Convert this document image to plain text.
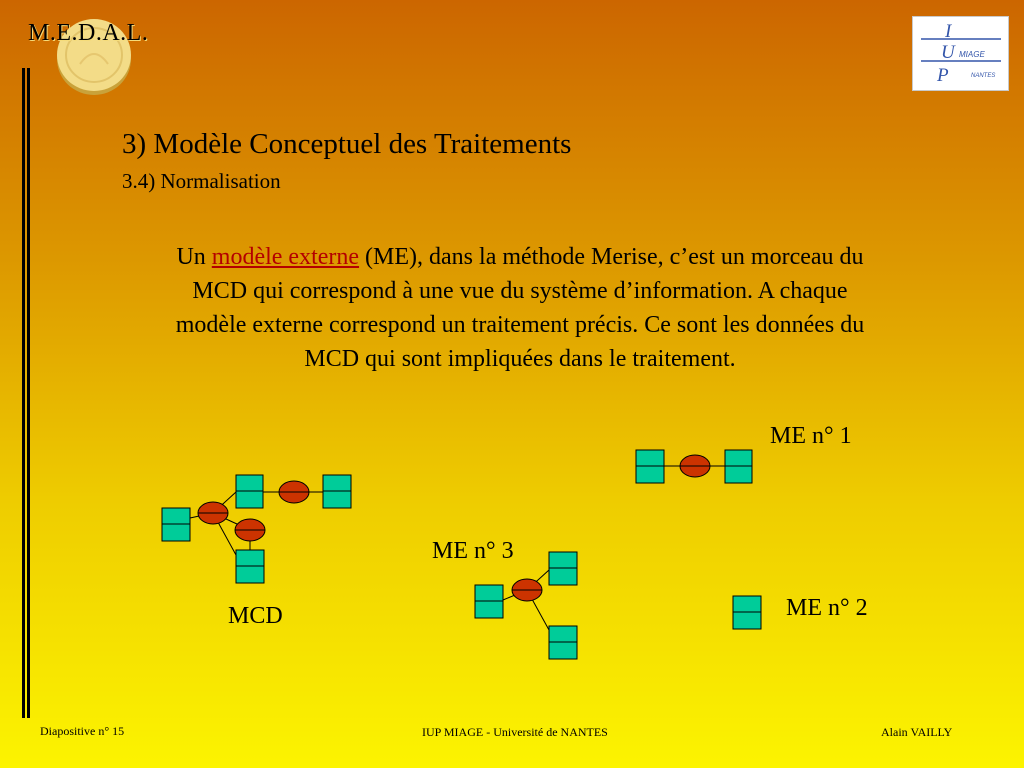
M.E.D.A.L.	I
U
P
MIAGE
NANTES
3) Modèle Conceptuel des Traitements
3.4) Normalisation
Un modèle externe (ME), dans la méthode Merise, c’est un morceau du MCD qui correspond à une vue du système d’information. A chaque modèle externe correspond un traitement précis. Ce sont les données du MCD qui sont impliquées dans le traitement.
MCD
ME n° 1
ME n° 2
ME n° 3
Diapositive n° 15	IUP MIAGE - Université de NANTES	Alain VAILLY
